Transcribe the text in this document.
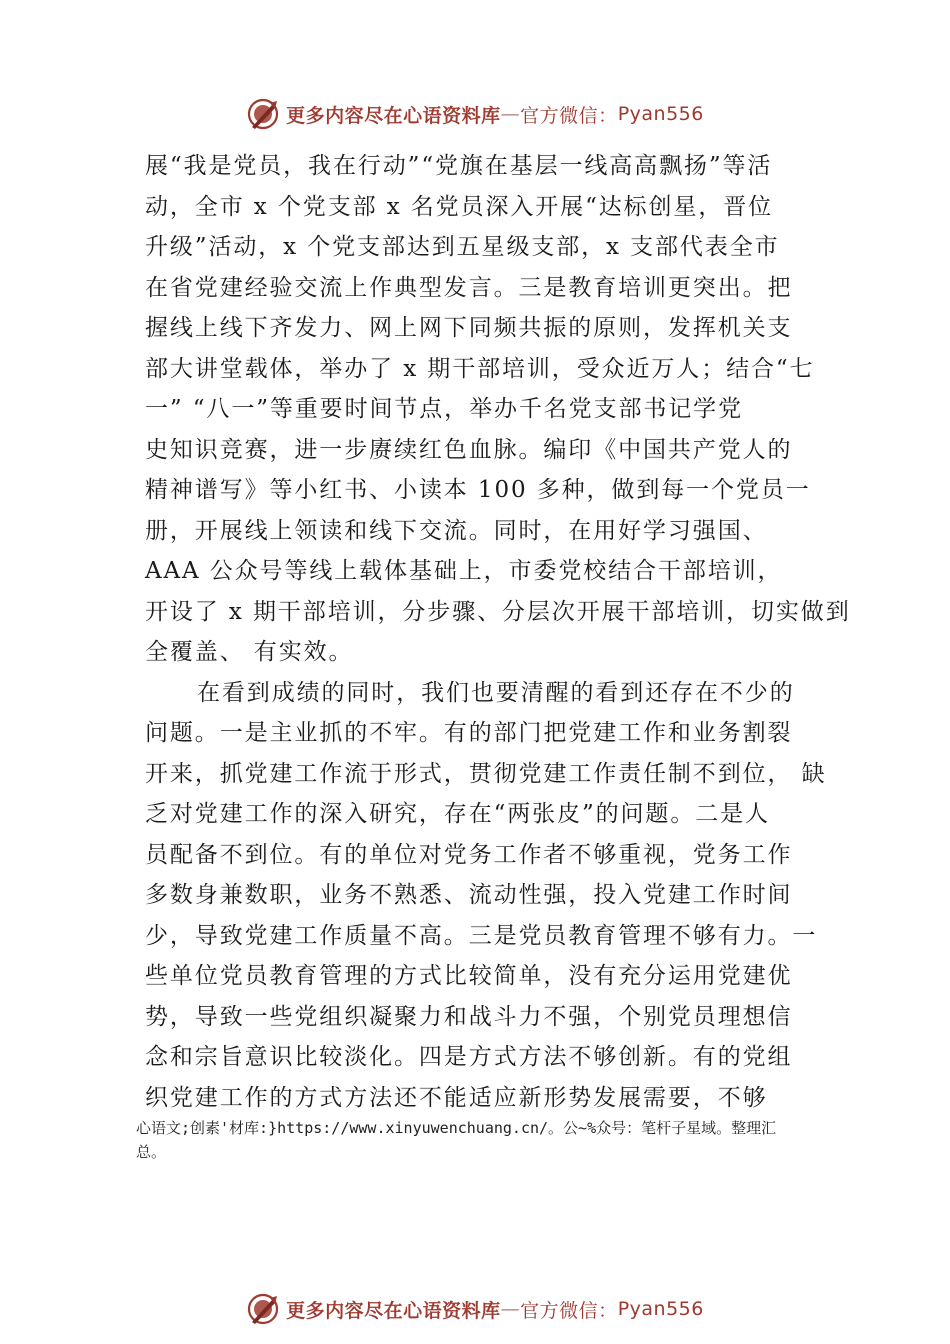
更多内容尽在心语资料库 — 官方微信： Pyan556
展“我是党员，我在行动”“党旗在基层一线高高飘扬”等活
动，全市 x 个党支部 x 名党员深入开展“达标创星，晋位
升级”活动，x 个党支部达到五星级支部，x 支部代表全市
在省党建经验交流上作典型发言。三是教育培训更突出。把
握线上线下齐发力、网上网下同频共振的原则，发挥机关支
部大讲堂载体，举办了 x 期干部培训，受众近万人；结合“七
一” “八一”等重要时间节点，举办千名党支部书记学党
史知识竞赛，进一步赓续红色血脉。编印《中国共产党人的
精神谱写》等小红书、小读本 100 多种，做到每一个党员一
册，开展线上领读和线下交流。同时，在用好学习强国、
AAA 公众号等线上载体基础上，市委党校结合干部培训，
开设了 x 期干部培训，分步骤、分层次开展干部培训，切实做到
全覆盖、 有实效。
在看到成绩的同时，我们也要清醒的看到还存在不少的
问题。一是主业抓的不牢。有的部门把党建工作和业务割裂
开来，抓党建工作流于形式，贯彻党建工作责任制不到位， 缺
乏对党建工作的深入研究，存在“两张皮”的问题。二是人
员配备不到位。有的单位对党务工作者不够重视，党务工作
多数身兼数职，业务不熟悉、流动性强，投入党建工作时间
少，导致党建工作质量不高。三是党员教育管理不够有力。一
些单位党员教育管理的方式比较简单，没有充分运用党建优
势，导致一些党组织凝聚力和战斗力不强，个别党员理想信
念和宗旨意识比较淡化。四是方式方法不够创新。有的党组
织党建工作的方式方法还不能适应新形势发展需要，不够
心语文;创素'材库:}https://www.xinyuwenchuang.cn/。公~%众号：笔杆子星域。整理汇
总。
更多内容尽在心语资料库 — 官方微信： Pyan556
